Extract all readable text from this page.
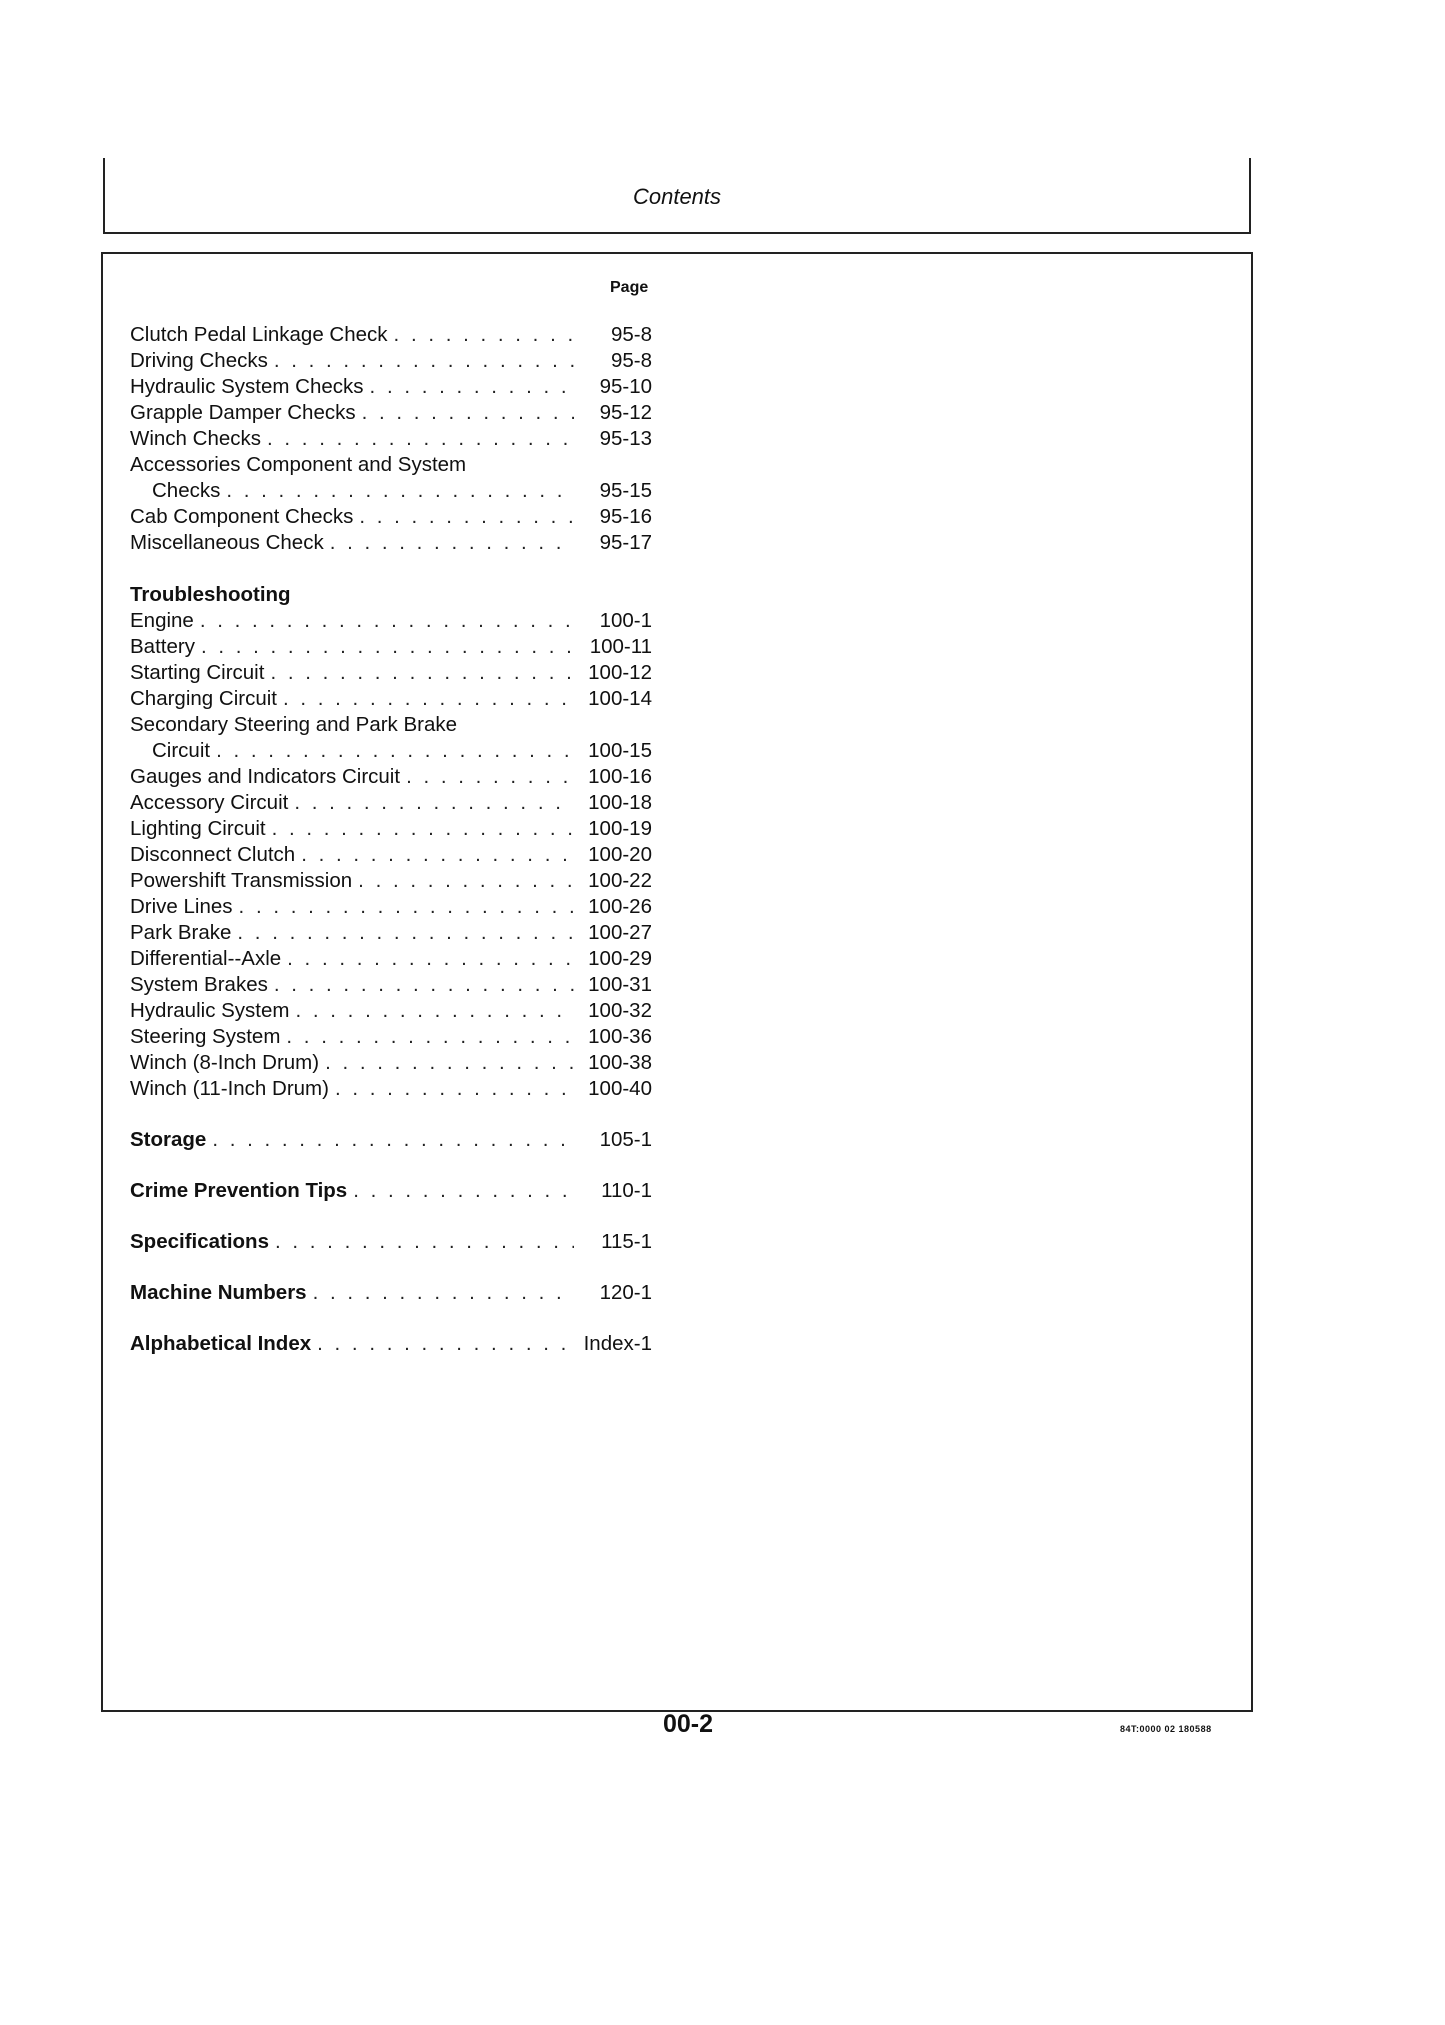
Contents
Page
Clutch Pedal Linkage Check . . .	95-8
Driving Checks . . .	95-8
Hydraulic System Checks . . .	95-10
Grapple Damper Checks . . .	95-12
Winch Checks . . .	95-13
Accessories Component and System
Checks . . .	95-15
Cab Component Checks . . .	95-16
Miscellaneous Check . . .	95-17
Troubleshooting
Engine . . .	100-1
Battery . . .	100-11
Starting Circuit . . .	100-12
Charging Circuit . . .	100-14
Secondary Steering and Park Brake
Circuit . . .	100-15
Gauges and Indicators Circuit . . .	100-16
Accessory Circuit . . .	100-18
Lighting Circuit . . .	100-19
Disconnect Clutch . . .	100-20
Powershift Transmission . . .	100-22
Drive Lines . . .	100-26
Park Brake . . .	100-27
Differential--Axle . . .	100-29
System Brakes . . .	100-31
Hydraulic System . . .	100-32
Steering System . . .	100-36
Winch (8-Inch Drum) . . .	100-38
Winch (11-Inch Drum) . . .	100-40
Storage . . .	105-1
Crime Prevention Tips . . .	110-1
Specifications . . .	115-1
Machine Numbers . . .	120-1
Alphabetical Index . . .	Index-1
00-2	84T:0000 02 180588
